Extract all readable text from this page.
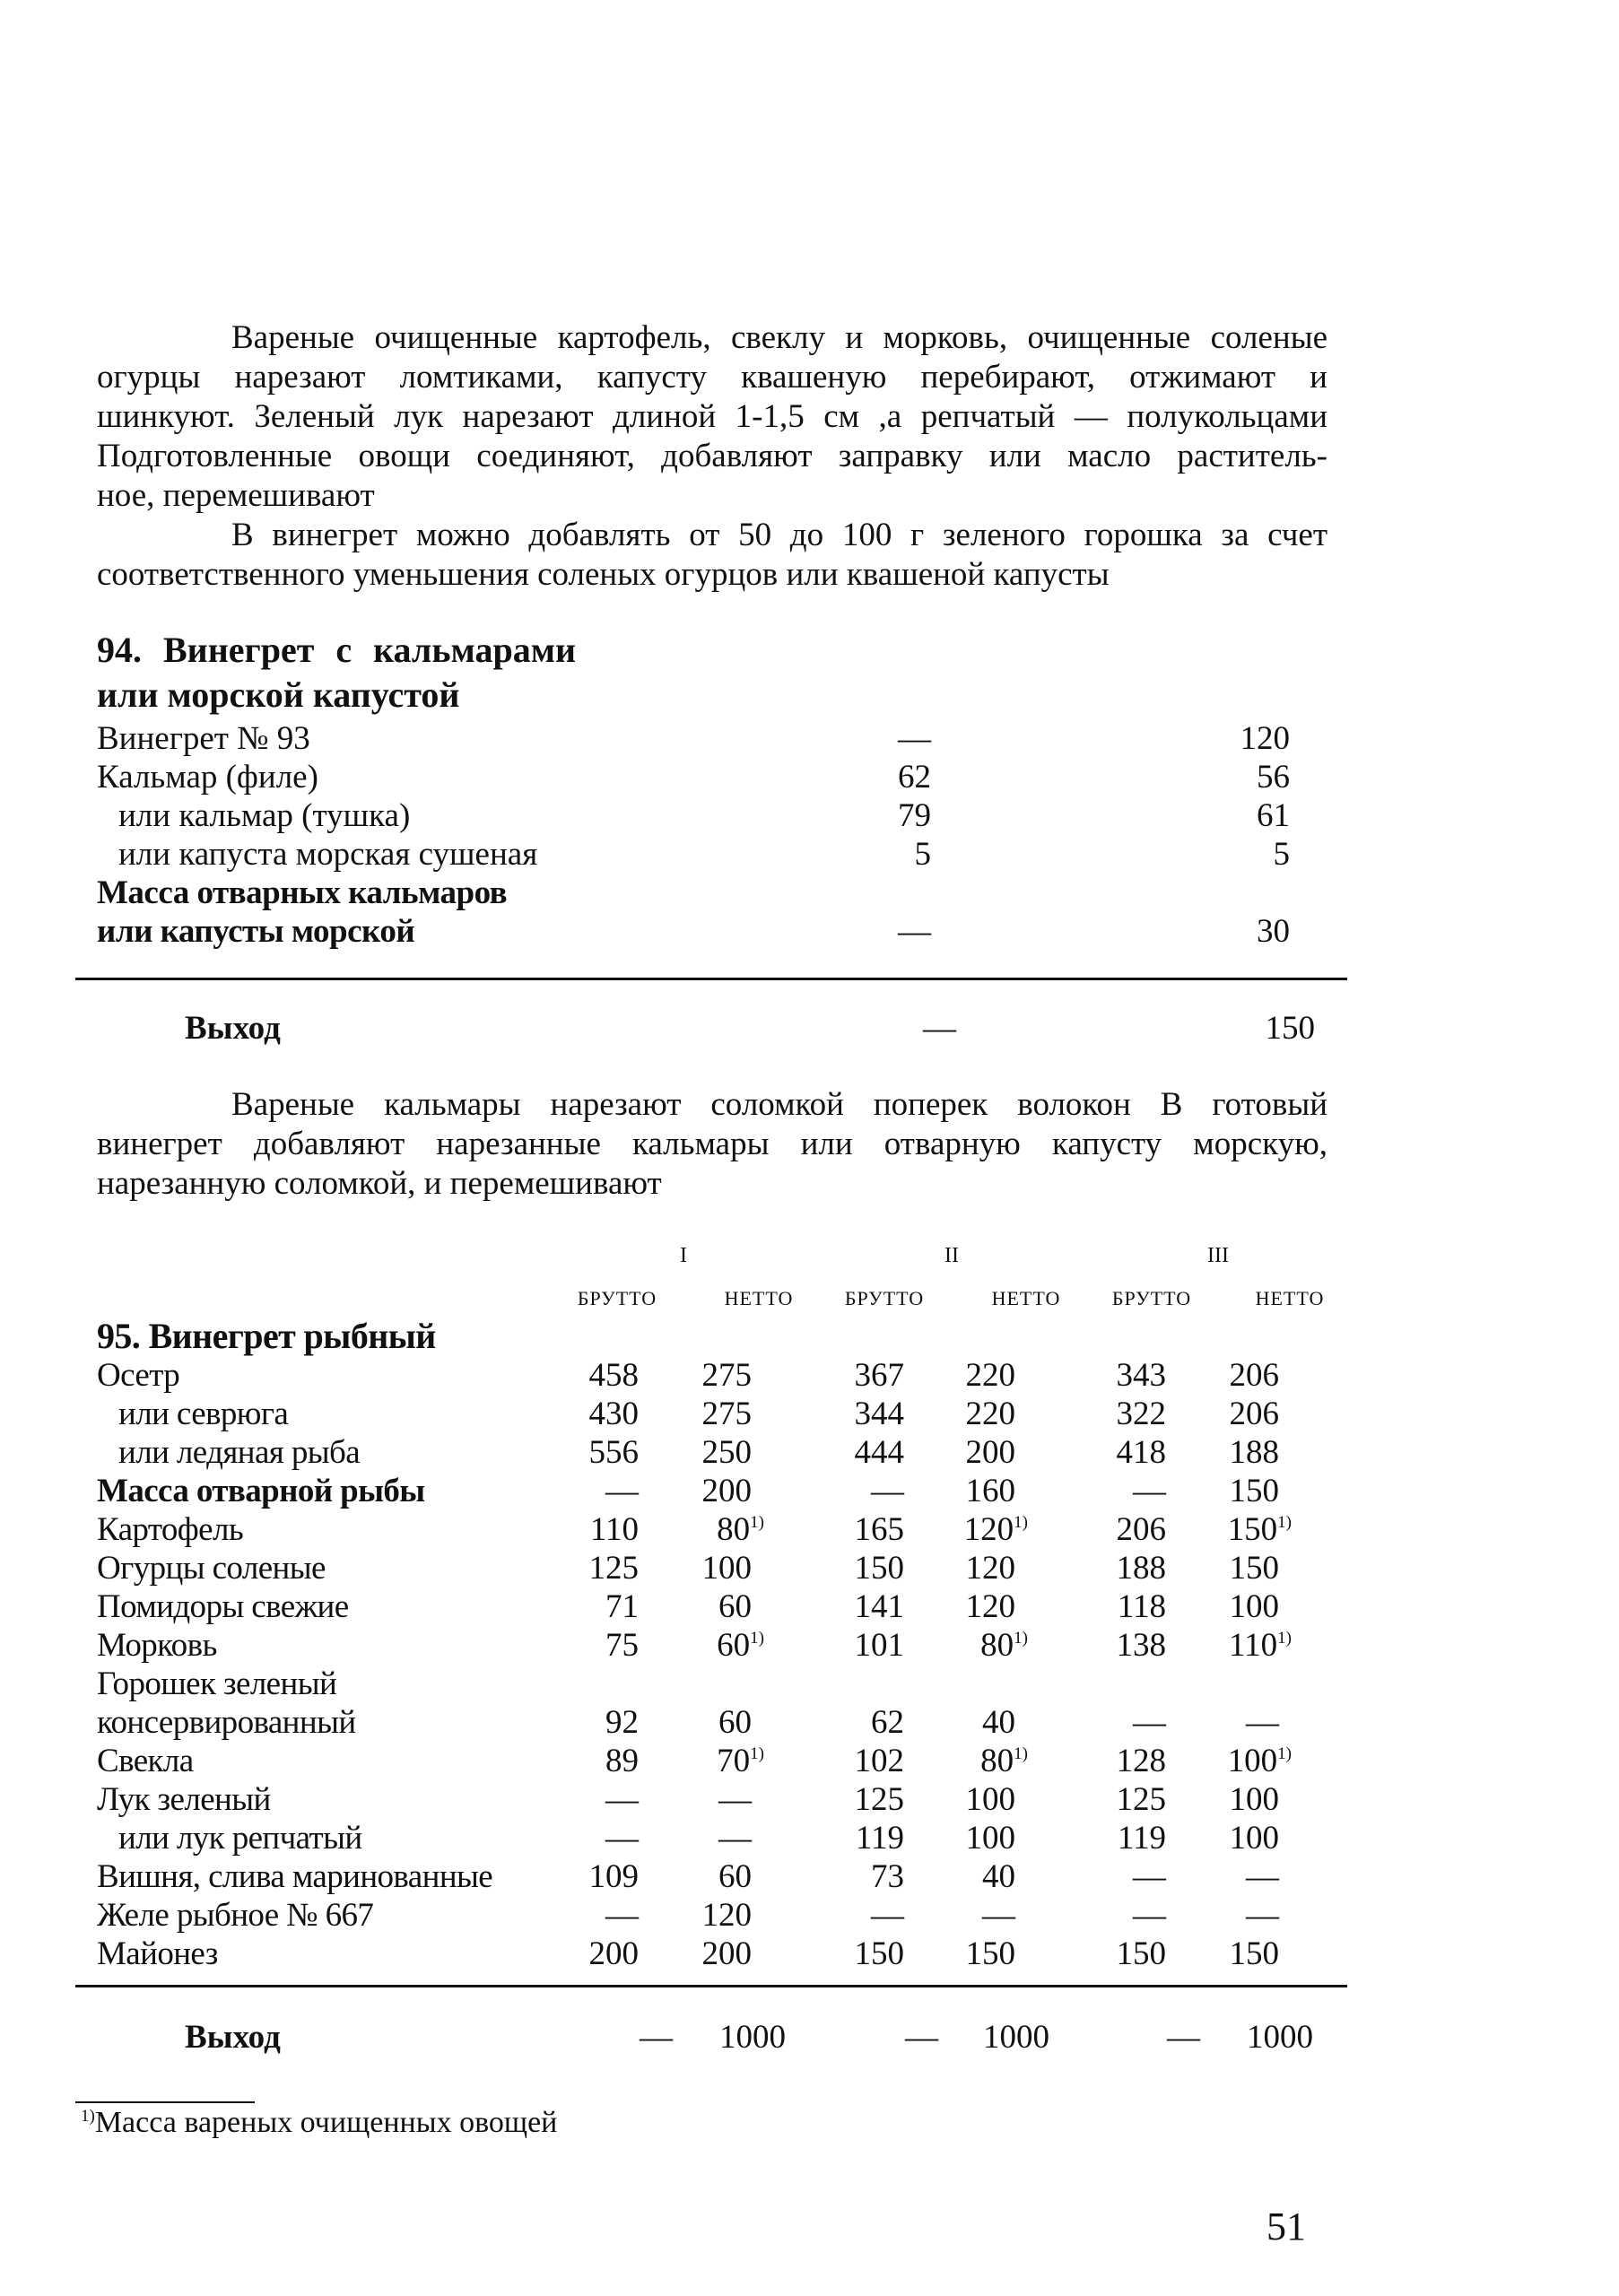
Вареные очищенные картофель, свеклу и морковь, очищенные соленые
огурцы нарезают ломтиками, капусту квашеную перебирают, отжимают и
шинкуют. Зеленый лук нарезают длиной 1-1,5 см ,а репчатый — полукольцами
Подготовленные овощи соединяют, добавляют заправку или масло раститель-
ное, перемешивают
В винегрет можно добавлять от 50 до 100 г зеленого горошка за счет
соответственного уменьшения соленых огурцов или квашеной капусты
94. Винегрет с кальмарами
или морской капустой
Винегрет № 93	—	120
Кальмар (филе)	62	56
или кальмар (тушка)	79	61
или капуста морская сушеная	5	5
Масса отварных кальмаров
или капусты морской	—	30
Выход	—	150
Вареные кальмары нарезают соломкой поперек волокон В готовый
винегрет добавляют нарезанные кальмары или отварную капусту морскую,
нарезанную соломкой, и перемешивают
I	II	III
БРУТТО	НЕТТО	БРУТТО	НЕТТО	БРУТТО	НЕТТО
95. Винегрет рыбный
Осетр	458	275	367	220	343	206
или севрюга	430	275	344	220	322	206
или ледяная рыба	556	250	444	200	418	188
Масса отварной рыбы	—	200	—	160	—	150
Картофель	110	80$^{1)}$	165	120$^{1)}$	206	150$^{1)}$
Огурцы соленые	125	100	150	120	188	150
Помидоры свежие	71	60	141	120	118	100
Морковь	75	60$^{1)}$	101	80$^{1)}$	138	110$^{1)}$
Горошек зеленый
консервированный	92	60	62	40	—	—
Свекла	89	70$^{1)}$	102	80$^{1)}$	128	100$^{1)}$
Лук зеленый	—	—	125	100	125	100
или лук репчатый	—	—	119	100	119	100
Вишня, слива маринованные	109	60	73	40	—	—
Желе рыбное № 667	—	120	—	—	—	—
Майонез	200	200	150	150	150	150
Выход	—	1000	—	1000	—	1000
$^{1)}$Масса вареных очищенных овощей
51
